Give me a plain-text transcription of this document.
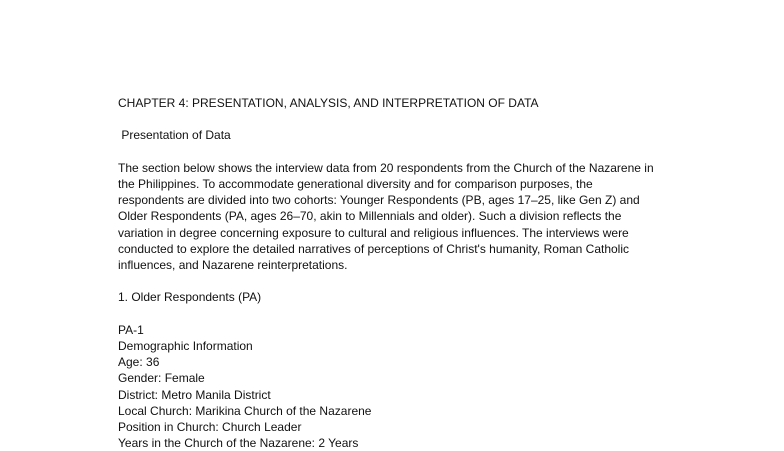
CHAPTER 4: PRESENTATION, ANALYSIS, AND INTERPRETATION OF DATA
Presentation of Data
The section below shows the interview data from 20 respondents from the Church of the Nazarene in
the Philippines. To accommodate generational diversity and for comparison purposes, the
respondents are divided into two cohorts: Younger Respondents (PB, ages 17–25, like Gen Z) and
Older Respondents (PA, ages 26–70, akin to Millennials and older). Such a division reflects the
variation in degree concerning exposure to cultural and religious influences. The interviews were
conducted to explore the detailed narratives of perceptions of Christ's humanity, Roman Catholic
influences, and Nazarene reinterpretations.
1. Older Respondents (PA)
PA-1
Demographic Information
Age: 36
Gender: Female
District: Metro Manila District
Local Church: Marikina Church of the Nazarene
Position in Church: Church Leader
Years in the Church of the Nazarene: 2 Years
